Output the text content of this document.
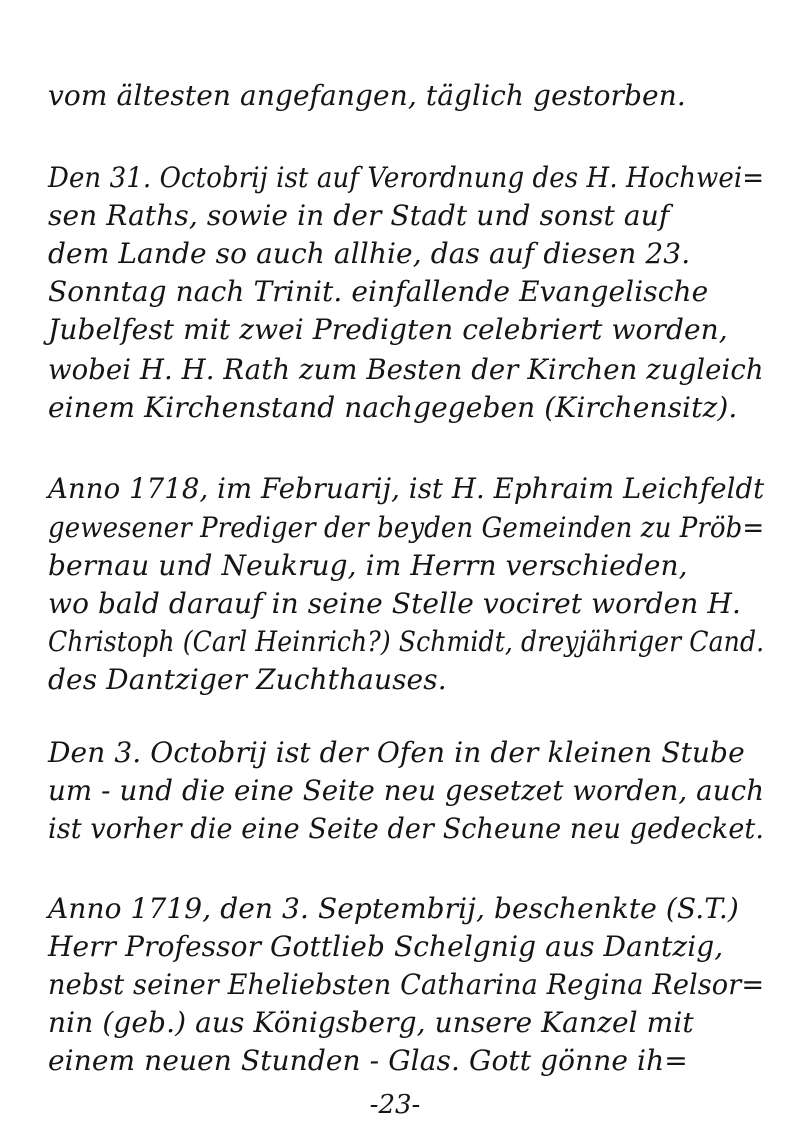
vom ältesten angefangen, täglich gestorben.
Den 31. Octobrij ist auf Verordnung des H. Hochwei=
sen Raths, sowie in der Stadt und sonst auf
dem Lande so auch allhie, das auf diesen 23.
Sonntag nach Trinit. einfallende Evangelische
Jubelfest mit zwei Predigten celebriert worden,
wobei H. H. Rath zum Besten der Kirchen zugleich
einem Kirchenstand nachgegeben (Kirchensitz).
Anno 1718, im Februarij, ist H. Ephraim Leichfeldt
gewesener Prediger der beyden Gemeinden zu Pröb=
bernau und Neukrug, im Herrn verschieden,
wo bald darauf in seine Stelle vociret worden H.
Christoph (Carl Heinrich?) Schmidt, dreyjähriger Cand.
des Dantziger Zuchthauses.
Den 3. Octobrij ist der Ofen in der kleinen Stube
um - und die eine Seite neu gesetzet worden, auch
ist vorher die eine Seite der Scheune neu gedecket.
Anno 1719, den 3. Septembrij, beschenkte (S.T.)
Herr Professor Gottlieb Schelgnig aus Dantzig,
nebst seiner Eheliebsten Catharina Regina Relsor=
nin (geb.) aus Königsberg, unsere Kanzel mit
einem neuen Stunden - Glas. Gott gönne ih=
-23-
